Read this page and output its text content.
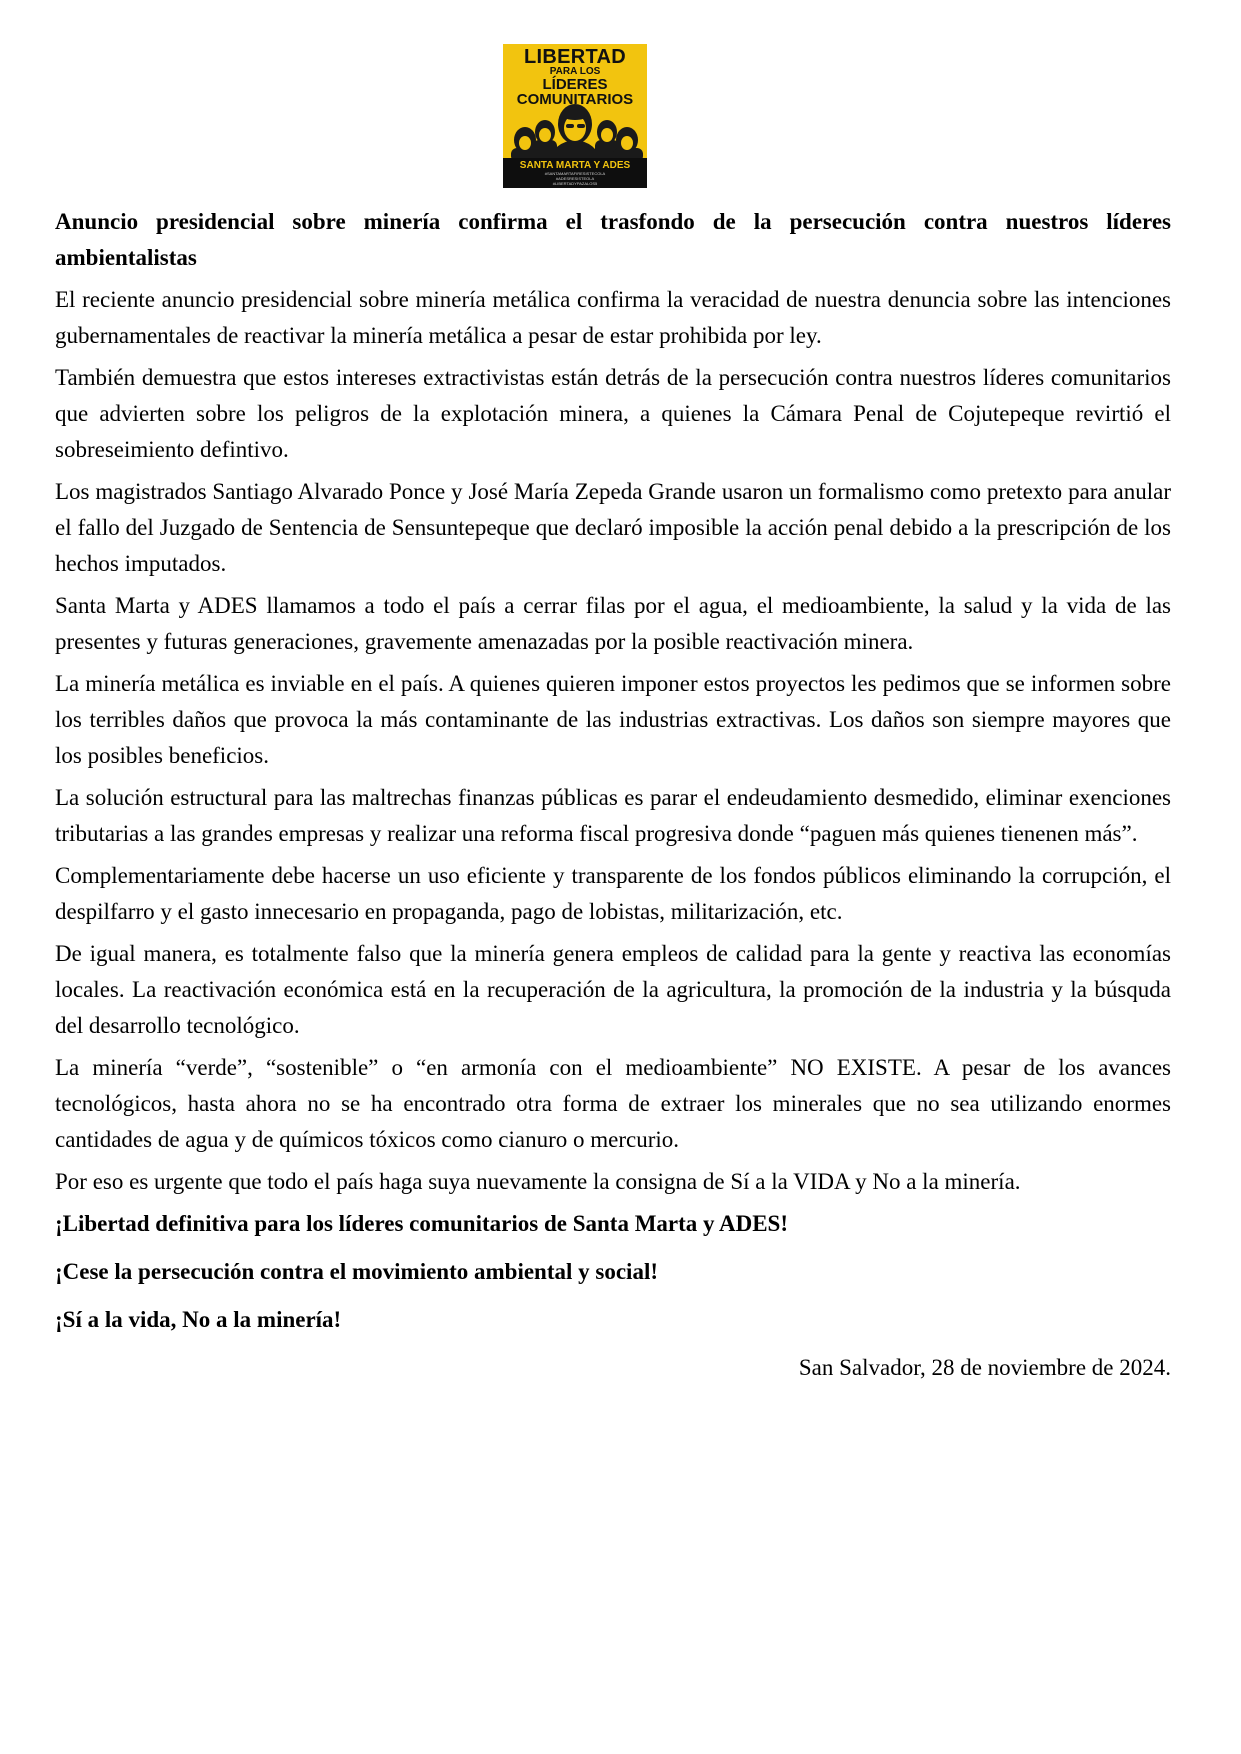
LIBERTAD
PARA LOS
LÍDERES
COMUNITARIOS
SANTA MARTA Y ADES
#SANTAMARTAFIRESISTECOLA
#ADESRESISTEOLA
#LIBERTADYPAZALOS5
Anuncio presidencial sobre minería confirma el trasfondo de la persecución contra nuestros líderes ambientalistas

El reciente anuncio presidencial sobre minería metálica confirma la veracidad de nuestra denuncia sobre las intenciones gubernamentales de reactivar la minería metálica a pesar de estar prohibida por ley.

También demuestra que estos intereses extractivistas están detrás de la persecución contra nuestros líderes comunitarios que advierten sobre los peligros de la explotación minera, a quienes la Cámara Penal de Cojutepeque revirtió el sobreseimiento defintivo.

Los magistrados Santiago Alvarado Ponce y José María Zepeda Grande usaron un formalismo como pretexto para anular el fallo del Juzgado de Sentencia de Sensuntepeque que declaró imposible la acción penal debido a la prescripción de los hechos imputados.

Santa Marta y ADES llamamos a todo el país a cerrar filas por el agua, el medioambiente, la salud y la vida de las presentes y futuras generaciones, gravemente amenazadas por la posible reactivación minera.

La minería metálica es inviable en el país. A quienes quieren imponer estos proyectos les pedimos que se informen sobre los terribles daños que provoca la más contaminante de las industrias extractivas. Los daños son siempre mayores que los posibles beneficios.

La solución estructural para las maltrechas finanzas públicas es parar el endeudamiento desmedido, eliminar exenciones tributarias a las grandes empresas y realizar una reforma fiscal progresiva donde “paguen más quienes tienenen más”.

Complementariamente debe hacerse un uso eficiente y transparente de los fondos públicos eliminando la corrupción, el despilfarro y el gasto innecesario en propaganda, pago de lobistas, militarización, etc.

De igual manera, es totalmente falso que la minería genera empleos de calidad para la gente y reactiva las economías locales. La reactivación económica está en la recuperación de la agricultura, la promoción de la industria y la búsquda del desarrollo tecnológico.

La minería “verde”, “sostenible” o “en armonía con el medioambiente” NO EXISTE. A pesar de los avances tecnológicos, hasta ahora no se ha encontrado otra forma de extraer los minerales que no sea utilizando enormes cantidades de agua y de químicos tóxicos como cianuro o mercurio.

Por eso es urgente que todo el país haga suya nuevamente la consigna de Sí a la VIDA y No a la minería.

¡Libertad definitiva para los líderes comunitarios de Santa Marta y ADES!

¡Cese la persecución contra el movimiento ambiental y social!

¡Sí a la vida, No a la minería!

San Salvador, 28 de noviembre de 2024.
